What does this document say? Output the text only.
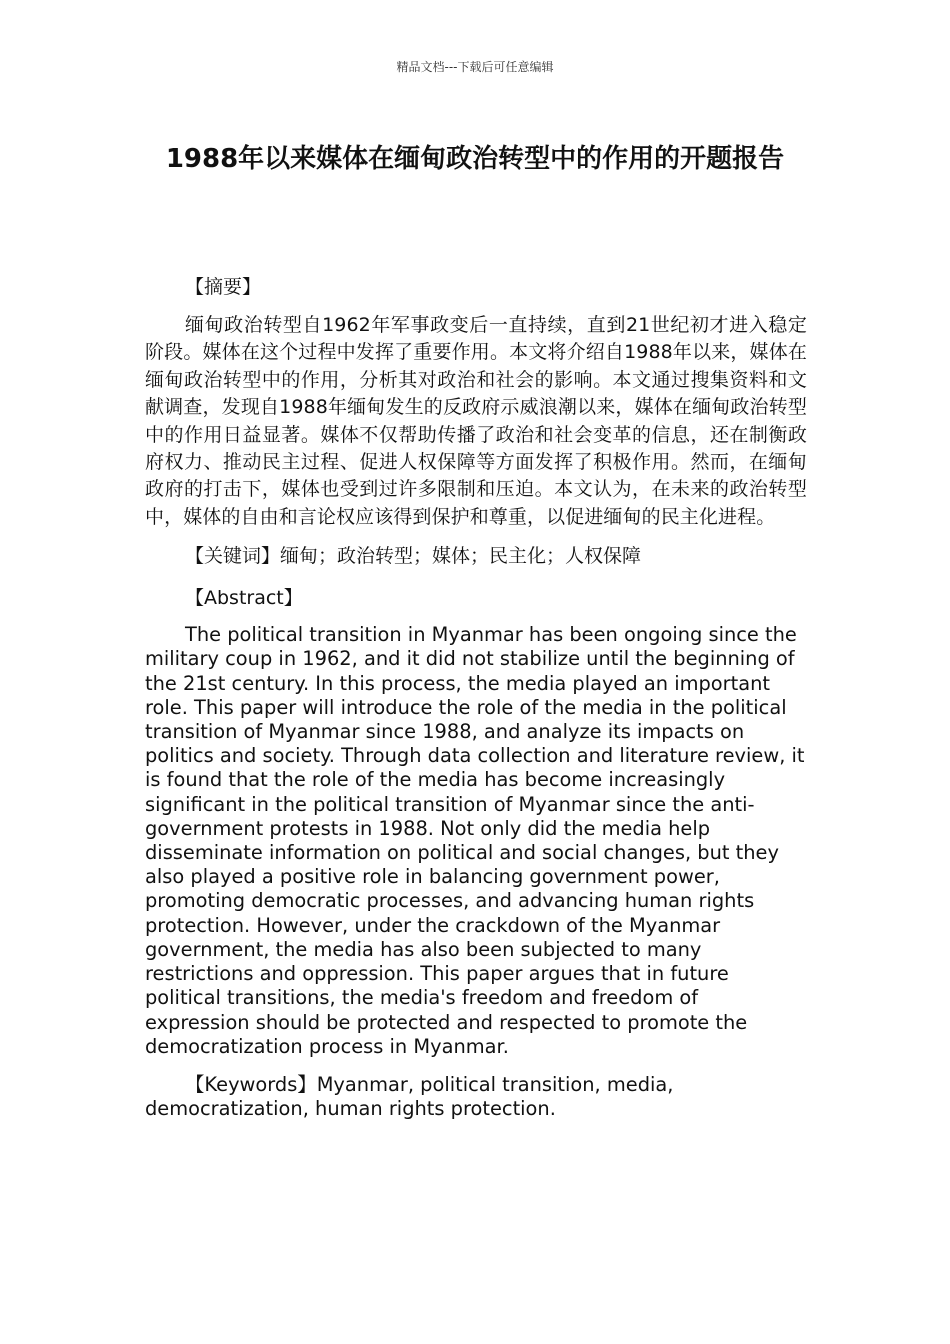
精品文档---下载后可任意编辑
1988年以来媒体在缅甸政治转型中的作用的开题报告

【摘要】

缅甸政治转型自1962年军事政变后一直持续，直到21世纪初才进入稳定阶段。媒体在这个过程中发挥了重要作用。本文将介绍自1988年以来，媒体在缅甸政治转型中的作用，分析其对政治和社会的影响。本文通过搜集资料和文献调查，发现自1988年缅甸发生的反政府示威浪潮以来，媒体在缅甸政治转型中的作用日益显著。媒体不仅帮助传播了政治和社会变革的信息，还在制衡政府权力、推动民主过程、促进人权保障等方面发挥了积极作用。然而，在缅甸政府的打击下，媒体也受到过许多限制和压迫。本文认为，在未来的政治转型中，媒体的自由和言论权应该得到保护和尊重，以促进缅甸的民主化进程。

【关键词】缅甸；政治转型；媒体；民主化；人权保障

【Abstract】

The political transition in Myanmar has been ongoing since the military coup in 1962, and it did not stabilize until the beginning of the 21st century. In this process, the media played an important role. This paper will introduce the role of the media in the political transition of Myanmar since 1988, and analyze its impacts on politics and society. Through data collection and literature review, it is found that the role of the media has become increasingly significant in the political transition of Myanmar since the anti-government protests in 1988. Not only did the media help disseminate information on political and social changes, but they also played a positive role in balancing government power, promoting democratic processes, and advancing human rights protection. However, under the crackdown of the Myanmar government, the media has also been subjected to many restrictions and oppression. This paper argues that in future political transitions, the media's freedom and freedom of expression should be protected and respected to promote the democratization process in Myanmar.

【Keywords】Myanmar, political transition, media, democratization, human rights protection.
